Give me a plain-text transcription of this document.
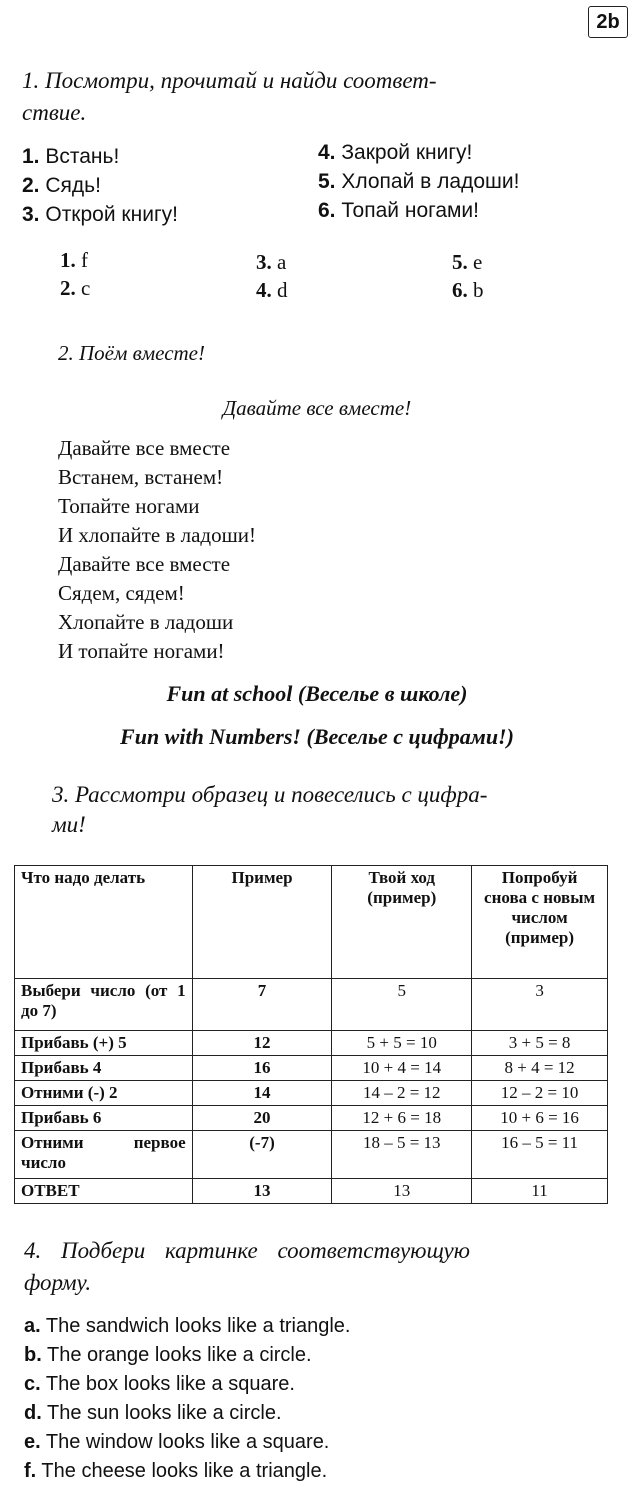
2b
1. Посмотри, прочитай и найди соответ-
ствие.
1. Встань!
2. Сядь!
3. Открой книгу!
4. Закрой книгу!
5. Хлопай в ладоши!
6. Топай ногами!
1. f
2. c
3. a
4. d
5. e
6. b
2. Поём вместе!
Давайте все вместе!
Давайте все вместе
Встанем, встанем!
Топайте ногами
И хлопайте в ладоши!
Давайте все вместе
Сядем, сядем!
Хлопайте в ладоши
И топайте ногами!
Fun at school (Веселье в школе)
Fun with Numbers! (Веселье с цифрами!)
3. Рассмотри образец и повеселись с цифра-
ми!
Что надо делать	Пример	Твой ход (пример)	Попробуй снова с новым числом (пример)
Выбери число (от 1 до 7)	7	5	3
Прибавь (+) 5	12	5 + 5 = 10	3 + 5 = 8
Прибавь 4	16	10 + 4 = 14	8 + 4 = 12
Отними (-) 2	14	14 – 2 = 12	12 – 2 = 10
Прибавь 6	20	12 + 6 = 18	10 + 6 = 16
Отними первое число	(-7)	18 – 5 = 13	16 – 5 = 11
ОТВЕТ	13	13	11
4. Подбери картинке соответствующую
форму.
a. The sandwich looks like a triangle.
b. The orange looks like a circle.
c. The box looks like a square.
d. The sun looks like a circle.
e. The window looks like a square.
f. The cheese looks like a triangle.
